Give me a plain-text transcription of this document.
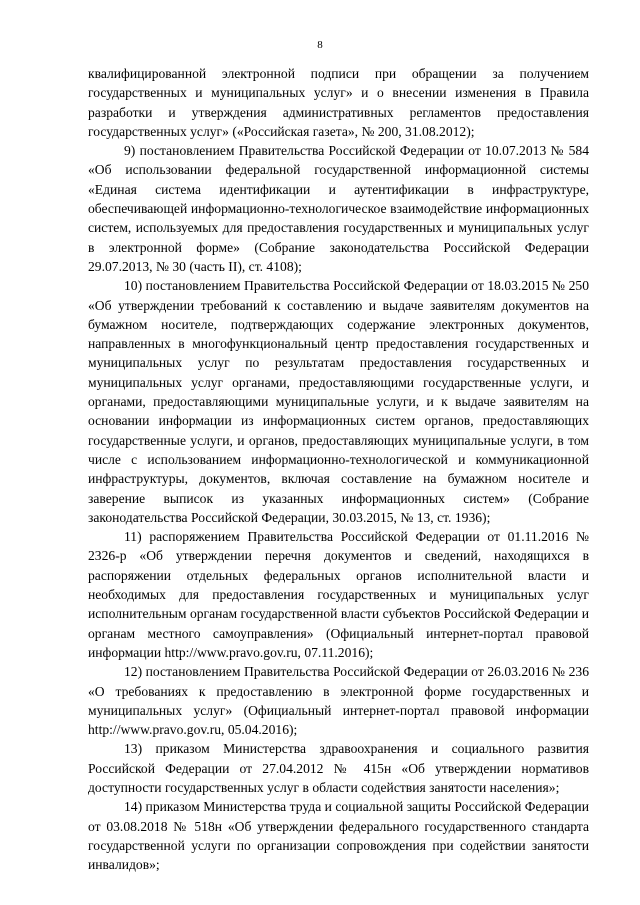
8

квалифицированной электронной подписи при обращении за получением государственных и муниципальных услуг» и о внесении изменения в Правила разработки и утверждения административных регламентов предоставления государственных услуг» («Российская газета», № 200, 31.08.2012);

9) постановлением Правительства Российской Федерации от 10.07.2013 № 584 «Об использовании федеральной государственной информационной системы «Единая система идентификации и аутентификации в инфраструктуре, обеспечивающей информационно-технологическое взаимодействие информационных систем, используемых для предоставления государственных и муниципальных услуг в электронной форме» (Собрание законодательства Российской Федерации 29.07.2013, № 30 (часть II), ст. 4108);

10) постановлением Правительства Российской Федерации от 18.03.2015 № 250 «Об утверждении требований к составлению и выдаче заявителям документов на бумажном носителе, подтверждающих содержание электронных документов, направленных в многофункциональный центр предоставления государственных и муниципальных услуг по результатам предоставления государственных и муниципальных услуг органами, предоставляющими государственные услуги, и органами, предоставляющими муниципальные услуги, и к выдаче заявителям на основании информации из информационных систем органов, предоставляющих государственные услуги, и органов, предоставляющих муниципальные услуги, в том числе с использованием информационно-технологической и коммуникационной инфраструктуры, документов, включая составление на бумажном носителе и заверение выписок из указанных информационных систем» (Собрание законодательства Российской Федерации, 30.03.2015, № 13, ст. 1936);

11) распоряжением Правительства Российской Федерации от 01.11.2016 № 2326-р «Об утверждении перечня документов и сведений, находящихся в распоряжении отдельных федеральных органов исполнительной власти и необходимых для предоставления государственных и муниципальных услуг исполнительным органам государственной власти субъектов Российской Федерации и органам местного самоуправления» (Официальный интернет-портал правовой информации http://www.pravo.gov.ru, 07.11.2016);

12) постановлением Правительства Российской Федерации от 26.03.2016 № 236 «О требованиях к предоставлению в электронной форме государственных и муниципальных услуг» (Официальный интернет-портал правовой информации http://www.pravo.gov.ru, 05.04.2016);

13) приказом Министерства здравоохранения и социального развития Российской Федерации от 27.04.2012 № 415н «Об утверждении нормативов доступности государственных услуг в области содействия занятости населения»;

14) приказом Министерства труда и социальной защиты Российской Федерации от 03.08.2018 № 518н «Об утверждении федерального государственного стандарта государственной услуги по организации сопровождения при содействии занятости инвалидов»;
